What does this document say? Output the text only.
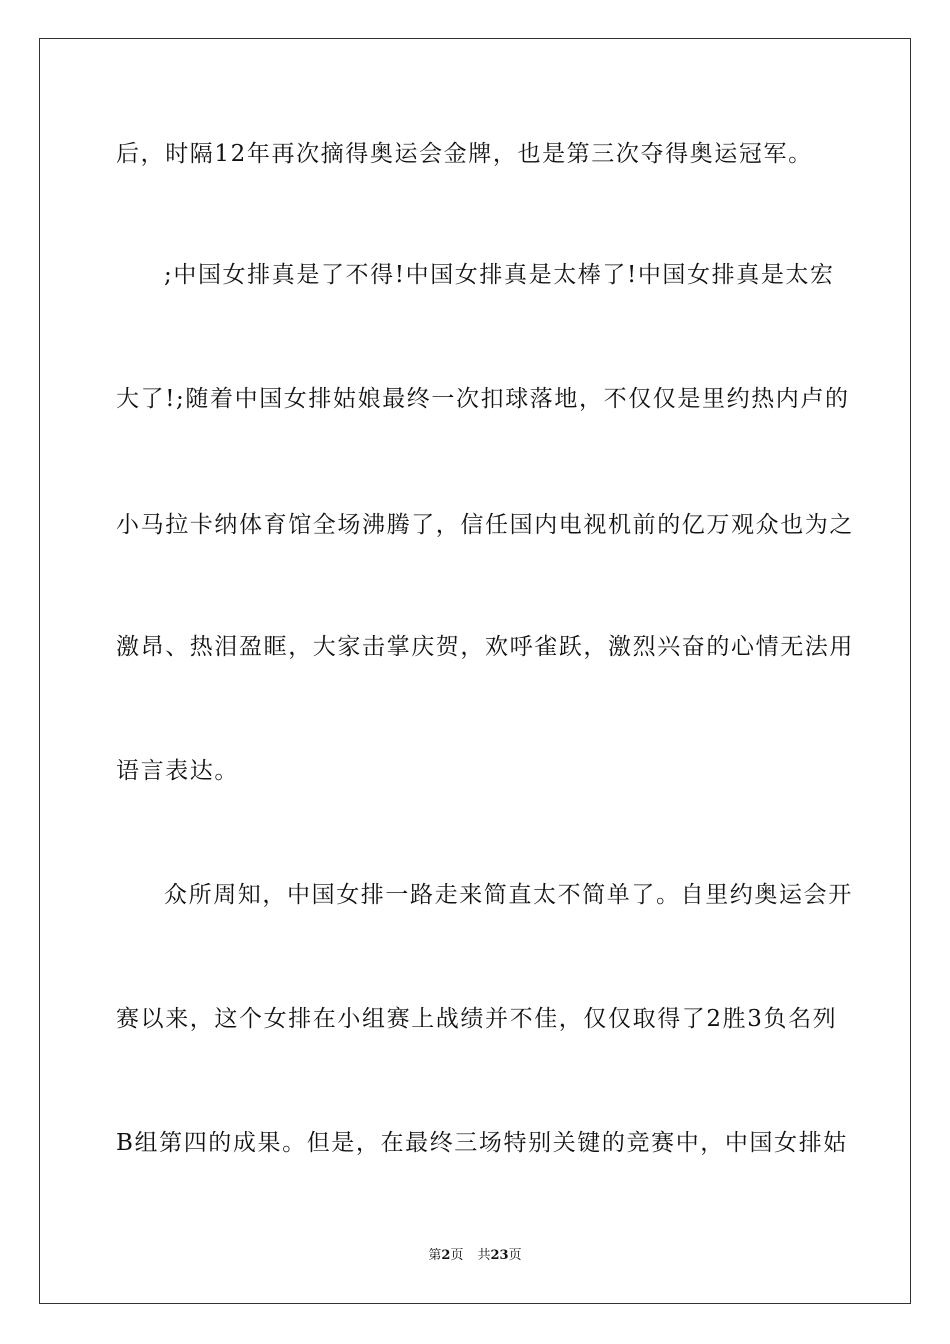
后，时隔12年再次摘得奥运会金牌，也是第三次夺得奥运冠军。
;中国女排真是了不得!中国女排真是太棒了!中国女排真是太宏
大了!;随着中国女排姑娘最终一次扣球落地，不仅仅是里约热内卢的
小马拉卡纳体育馆全场沸腾了，信任国内电视机前的亿万观众也为之
激昂、热泪盈眶，大家击掌庆贺，欢呼雀跃，激烈兴奋的心情无法用
语言表达。
众所周知，中国女排一路走来简直太不简单了。自里约奥运会开
赛以来，这个女排在小组赛上战绩并不佳，仅仅取得了2胜3负名列
B组第四的成果。但是，在最终三场特别关键的竞赛中，中国女排姑
第2页 共23页
